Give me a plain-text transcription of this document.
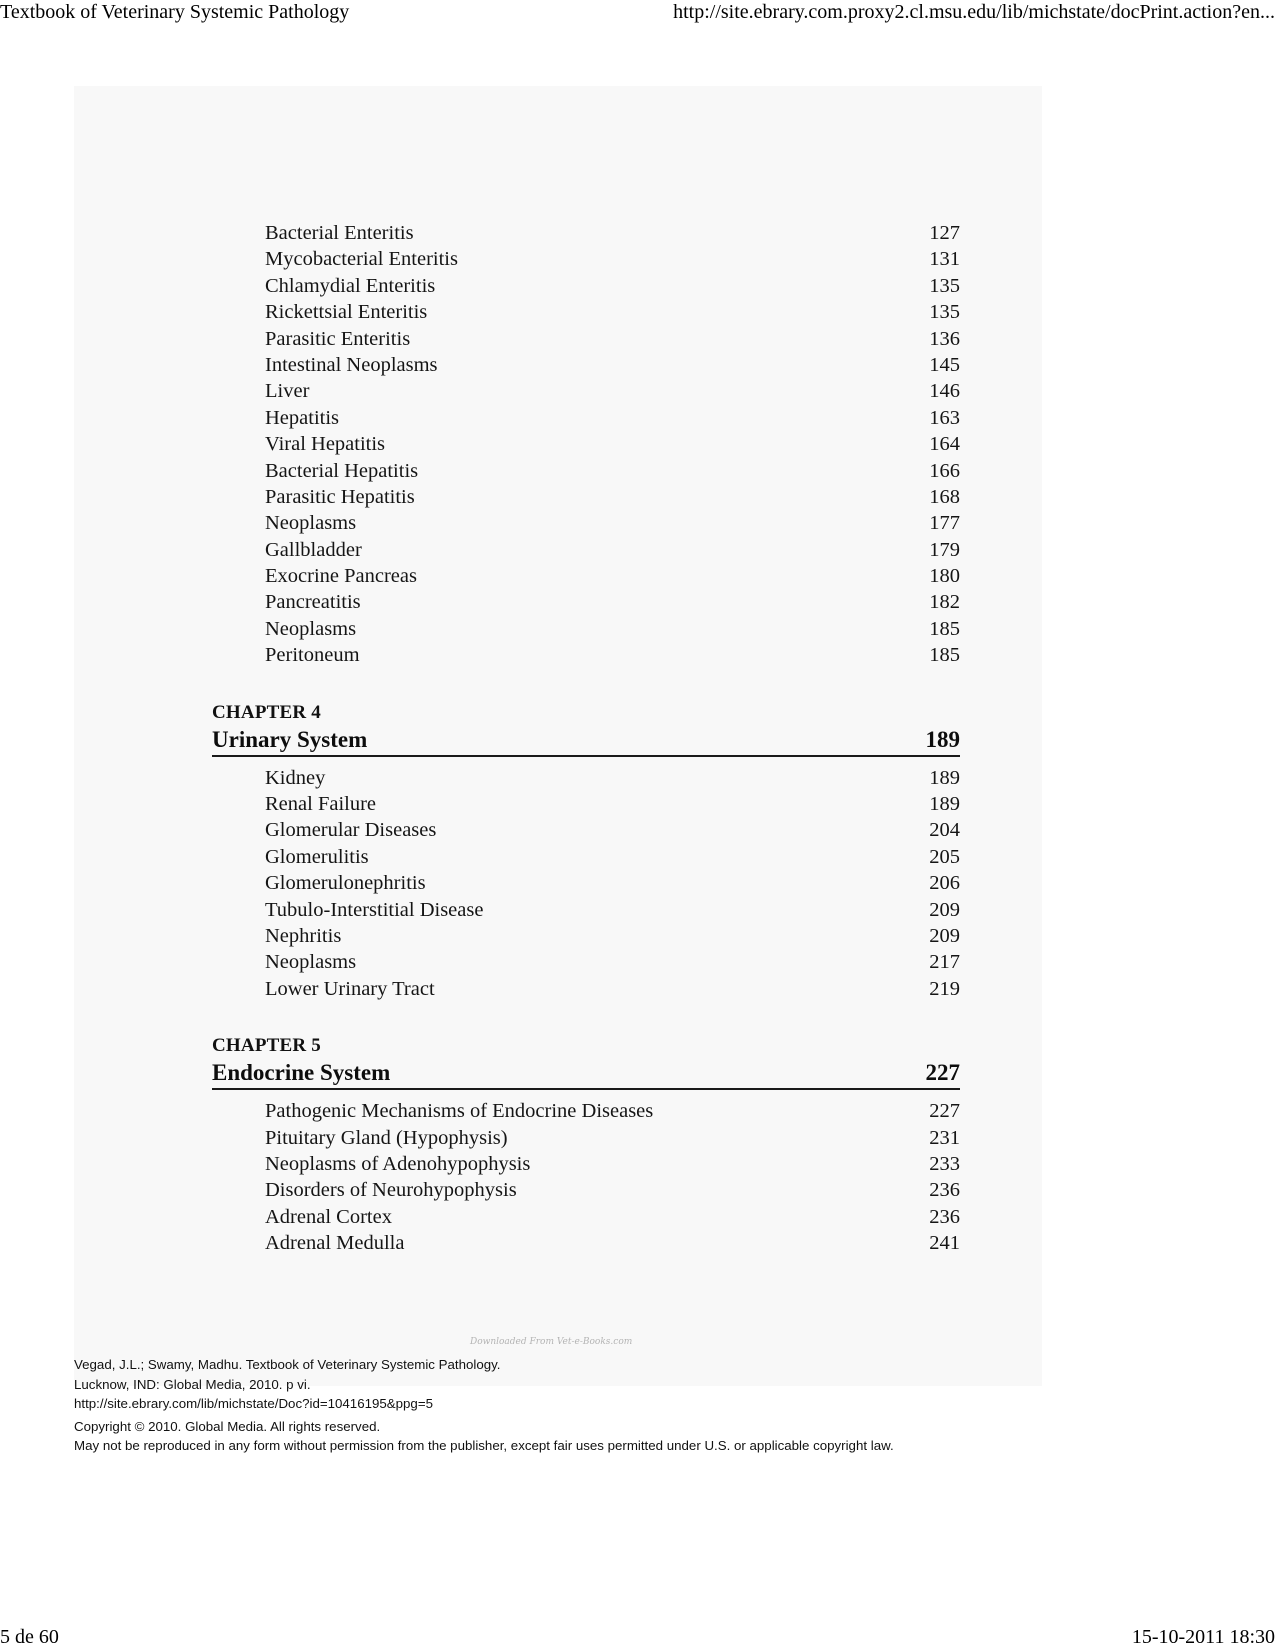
Textbook of Veterinary Systemic Pathology	http://site.ebrary.com.proxy2.cl.msu.edu/lib/michstate/docPrint.action?en...
Bacterial Enteritis	127
Mycobacterial Enteritis	131
Chlamydial Enteritis	135
Rickettsial Enteritis	135
Parasitic Enteritis	136
Intestinal Neoplasms	145
Liver	146
Hepatitis	163
Viral Hepatitis	164
Bacterial Hepatitis	166
Parasitic Hepatitis	168
Neoplasms	177
Gallbladder	179
Exocrine Pancreas	180
Pancreatitis	182
Neoplasms	185
Peritoneum	185
CHAPTER 4
Urinary System	189
Kidney	189
Renal Failure	189
Glomerular Diseases	204
Glomerulitis	205
Glomerulonephritis	206
Tubulo-Interstitial Disease	209
Nephritis	209
Neoplasms	217
Lower Urinary Tract	219
CHAPTER 5
Endocrine System	227
Pathogenic Mechanisms of Endocrine Diseases	227
Pituitary Gland (Hypophysis)	231
Neoplasms of Adenohypophysis	233
Disorders of Neurohypophysis	236
Adrenal Cortex	236
Adrenal Medulla	241
Downloaded From Vet-e-Books.com
Vegad, J.L.; Swamy, Madhu. Textbook of Veterinary Systemic Pathology.
Lucknow, IND: Global Media, 2010. p vi.
http://site.ebrary.com/lib/michstate/Doc?id=10416195&ppg=5
Copyright © 2010. Global Media. All rights reserved.
May not be reproduced in any form without permission from the publisher, except fair uses permitted under U.S. or applicable copyright law.
5 de 60	15-10-2011 18:30
